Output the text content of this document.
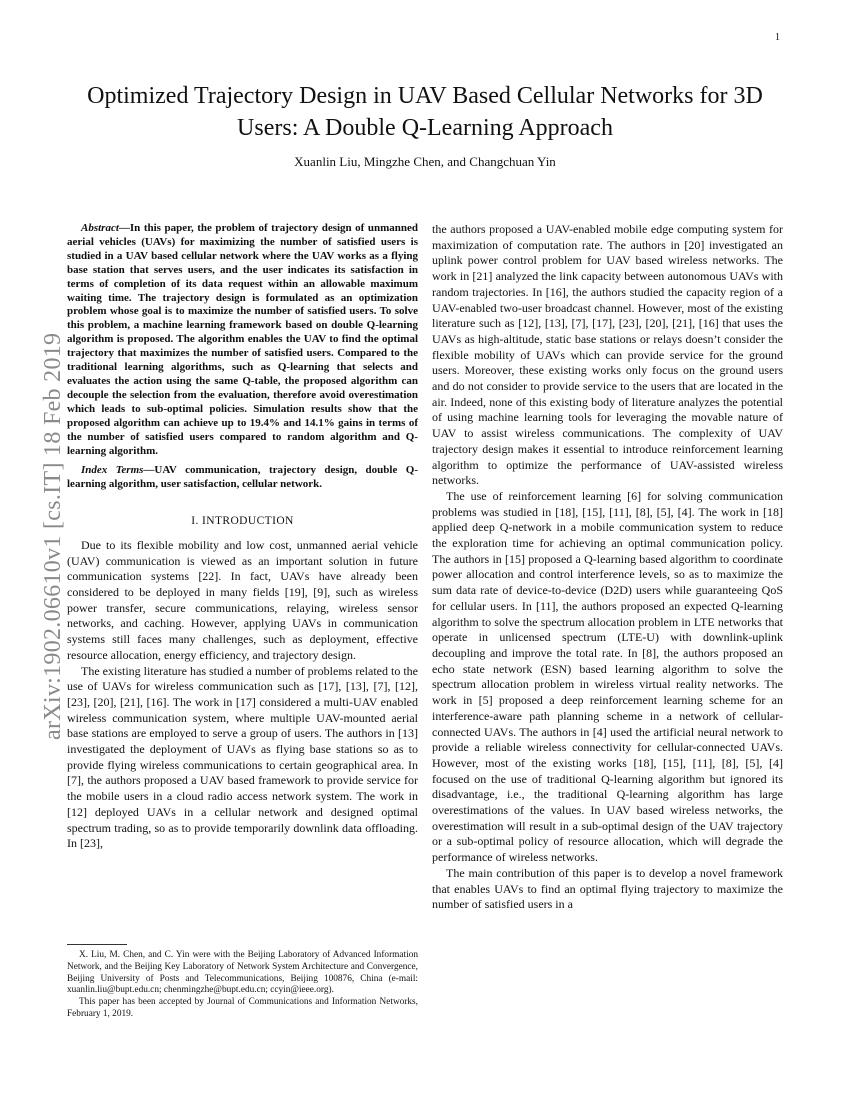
1
arXiv:1902.06610v1 [cs.IT] 18 Feb 2019
Optimized Trajectory Design in UAV Based Cellular Networks for 3D Users: A Double Q-Learning Approach
Xuanlin Liu, Mingzhe Chen, and Changchuan Yin

Abstract—In this paper, the problem of trajectory design of unmanned aerial vehicles (UAVs) for maximizing the number of satisfied users is studied in a UAV based cellular network where the UAV works as a flying base station that serves users, and the user indicates its satisfaction in terms of completion of its data request within an allowable maximum waiting time. The trajectory design is formulated as an optimization problem whose goal is to maximize the number of satisfied users. To solve this problem, a machine learning framework based on double Q-learning algorithm is proposed. The algorithm enables the UAV to find the optimal trajectory that maximizes the number of satisfied users. Compared to the traditional learning algorithms, such as Q-learning that selects and evaluates the action using the same Q-table, the proposed algorithm can decouple the selection from the evaluation, therefore avoid overestimation which leads to sub-optimal policies. Simulation results show that the proposed algorithm can achieve up to 19.4% and 14.1% gains in terms of the number of satisfied users compared to random algorithm and Q-learning algorithm.

Index Terms—UAV communication, trajectory design, double Q-learning algorithm, user satisfaction, cellular network.

I. INTRODUCTION

Due to its flexible mobility and low cost, unmanned aerial vehicle (UAV) communication is viewed as an important solution in future communication systems [22]. In fact, UAVs have already been considered to be deployed in many fields [19], [9], such as wireless power transfer, secure communications, relaying, wireless sensor networks, and caching. However, applying UAVs in communication systems still faces many challenges, such as deployment, effective resource allocation, energy efficiency, and trajectory design.

The existing literature has studied a number of problems related to the use of UAVs for wireless communication such as [17], [13], [7], [12], [23], [20], [21], [16]. The work in [17] considered a multi-UAV enabled wireless communication system, where multiple UAV-mounted aerial base stations are employed to serve a group of users. The authors in [13] investigated the deployment of UAVs as flying base stations so as to provide flying wireless communications to certain geographical area. In [7], the authors proposed a UAV based framework to provide service for the mobile users in a cloud radio access network system. The work in [12] deployed UAVs in a cellular network and designed optimal spectrum trading, so as to provide temporarily downlink data offloading. In [23],

X. Liu, M. Chen, and C. Yin were with the Beijing Laboratory of Advanced Information Network, and the Beijing Key Laboratory of Network System Architecture and Convergence, Beijing University of Posts and Telecommunications, Beijing 100876, China (e-mail: xuanlin.liu@bupt.edu.cn; chenmingzhe@bupt.edu.cn; ccyin@ieee.org).

This paper has been accepted by Journal of Communications and Information Networks, February 1, 2019.

the authors proposed a UAV-enabled mobile edge computing system for maximization of computation rate. The authors in [20] investigated an uplink power control problem for UAV based wireless networks. The work in [21] analyzed the link capacity between autonomous UAVs with random trajectories. In [16], the authors studied the capacity region of a UAV-enabled two-user broadcast channel. However, most of the existing literature such as [12], [13], [7], [17], [23], [20], [21], [16] that uses the UAVs as high-altitude, static base stations or relays doesn’t consider the flexible mobility of UAVs which can provide service for the ground users. Moreover, these existing works only focus on the ground users and do not consider to provide service to the users that are located in the air. Indeed, none of this existing body of literature analyzes the potential of using machine learning tools for leveraging the movable nature of UAV to assist wireless communications. The complexity of UAV trajectory design makes it essential to introduce reinforcement learning algorithm to optimize the performance of UAV-assisted wireless networks.

The use of reinforcement learning [6] for solving communication problems was studied in [18], [15], [11], [8], [5], [4]. The work in [18] applied deep Q-network in a mobile communication system to reduce the exploration time for achieving an optimal communication policy. The authors in [15] proposed a Q-learning based algorithm to coordinate power allocation and control interference levels, so as to maximize the sum data rate of device-to-device (D2D) users while guaranteeing QoS for cellular users. In [11], the authors proposed an expected Q-learning algorithm to solve the spectrum allocation problem in LTE networks that operate in unlicensed spectrum (LTE-U) with downlink-uplink decoupling and improve the total rate. In [8], the authors proposed an echo state network (ESN) based learning algorithm to solve the spectrum allocation problem in wireless virtual reality networks. The work in [5] proposed a deep reinforcement learning scheme for an interference-aware path planning scheme in a network of cellular-connected UAVs. The authors in [4] used the artificial neural network to provide a reliable wireless connectivity for cellular-connected UAVs. However, most of the existing works [18], [15], [11], [8], [5], [4] focused on the use of traditional Q-learning algorithm but ignored its disadvantage, i.e., the traditional Q-learning algorithm has large overestimations of the values. In UAV based wireless networks, the overestimation will result in a sub-optimal design of the UAV trajectory or a sub-optimal policy of resource allocation, which will degrade the performance of wireless networks.

The main contribution of this paper is to develop a novel framework that enables UAVs to find an optimal flying trajectory to maximize the number of satisfied users in a
